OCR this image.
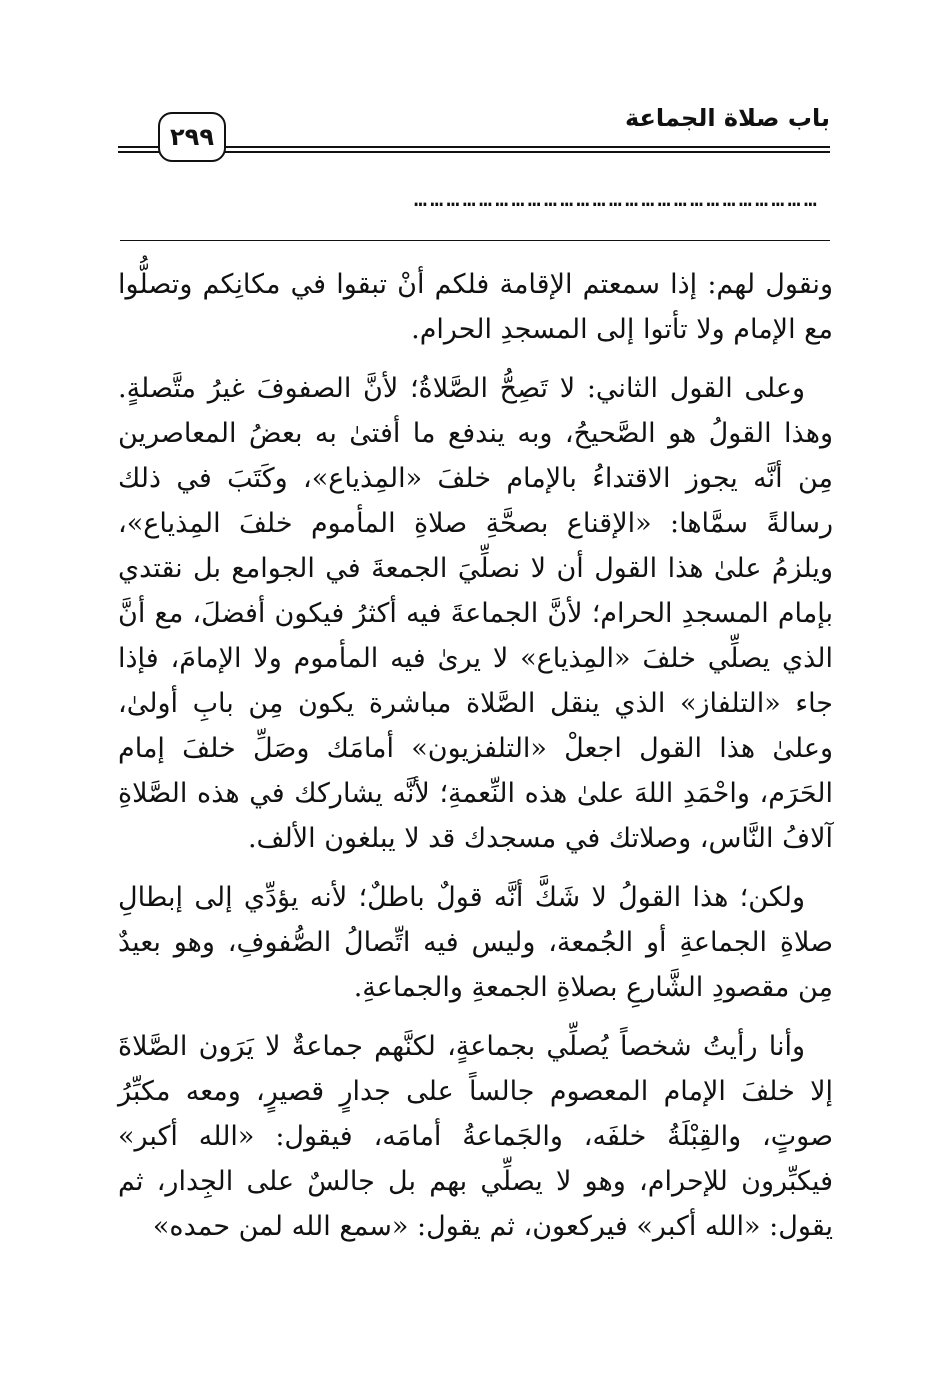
باب صلاة الجماعة
٢٩٩
…………………………………………………………………

ونقول لهم: إذا سمعتم الإقامة فلكم أنْ تبقوا في مكانِكم وتصلُّوا مع الإمام ولا تأتوا إلى المسجدِ الحرام.

وعلى القول الثاني: لا تَصِحُّ الصَّلاةُ؛ لأنَّ الصفوفَ غيرُ متَّصلةٍ. وهذا القولُ هو الصَّحيحُ، وبه يندفع ما أفتىٰ به بعضُ المعاصرين مِن أنَّه يجوز الاقتداءُ بالإمام خلفَ «المِذياع»، وكَتَبَ في ذلك رسالةً سمَّاها: «الإقناع بصحَّةِ صلاةِ المأموم خلفَ المِذياع»، ويلزمُ علىٰ هذا القول أن لا نصلِّيَ الجمعةَ في الجوامع بل نقتدي بإمام المسجدِ الحرام؛ لأنَّ الجماعةَ فيه أكثرُ فيكون أفضلَ، مع أنَّ الذي يصلِّي خلفَ «المِذياع» لا يرىٰ فيه المأموم ولا الإمامَ، فإذا جاء «التلفاز» الذي ينقل الصَّلاة مباشرة يكون مِن بابِ أولىٰ، وعلىٰ هذا القول اجعلْ «التلفزيون» أمامَك وصَلِّ خلفَ إمام الحَرَم، واحْمَدِ اللهَ علىٰ هذه النِّعمةِ؛ لأنَّه يشاركك في هذه الصَّلاةِ آلافُ النَّاس، وصلاتك في مسجدك قد لا يبلغون الألف.

ولكن؛ هذا القولُ لا شَكَّ أنَّه قولٌ باطلٌ؛ لأنه يؤدِّي إلى إبطالِ صلاةِ الجماعةِ أو الجُمعة، وليس فيه اتِّصالُ الصُّفوفِ، وهو بعيدٌ مِن مقصودِ الشَّارعِ بصلاةِ الجمعةِ والجماعةِ.

وأنا رأيتُ شخصاً يُصلِّي بجماعةٍ، لكنَّهم جماعةٌ لا يَرَون الصَّلاةَ إلا خلفَ الإمام المعصوم جالساً على جدارٍ قصيرٍ، ومعه مكبِّرُ صوتٍ، والقِبْلَةُ خلفَه، والجَماعةُ أمامَه، فيقول: «الله أكبر» فيكبِّرون للإحرام، وهو لا يصلِّي بهم بل جالسٌ على الجِدار، ثم يقول: «الله أكبر» فيركعون، ثم يقول: «سمع الله لمن حمده»
